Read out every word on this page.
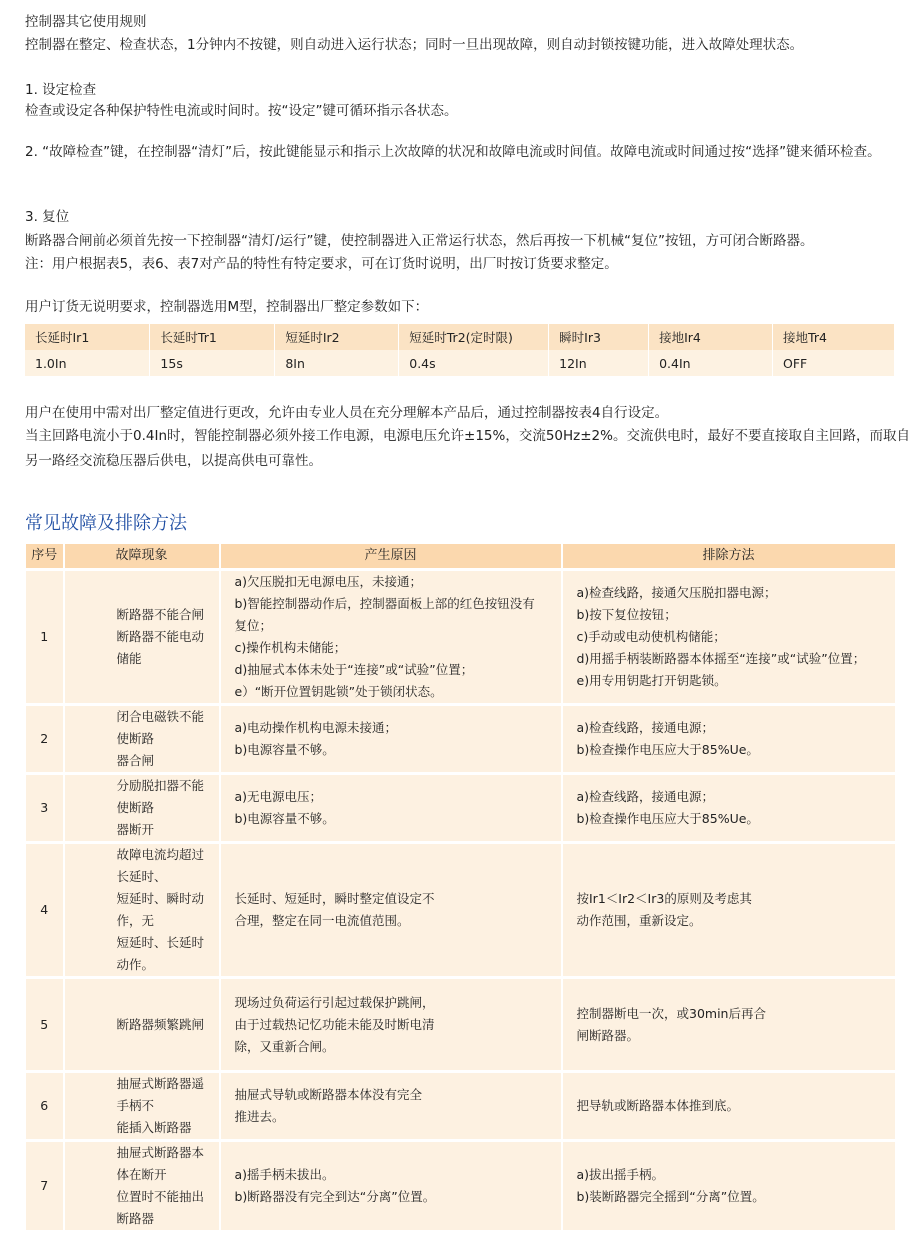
控制器其它使用规则
控制器在整定、检查状态，1分钟内不按键，则自动进入运行状态；同时一旦出现故障，则自动封锁按键功能，进入故障处理状态。
1. 设定检查
检查或设定各种保护特性电流或时间时。按“设定”键可循环指示各状态。
2. “故障检查”键，在控制器“清灯”后，按此键能显示和指示上次故障的状况和故障电流或时间值。故障电流或时间通过按“选择”键来循环检查。
3. 复位
断路器合闸前必须首先按一下控制器“清灯/运行”键，使控制器进入正常运行状态，然后再按一下机械“复位”按钮，方可闭合断路器。
注：用户根据表5，表6、表7对产品的特性有特定要求，可在订货时说明，出厂时按订货要求整定。
用户订货无说明要求，控制器选用M型，控制器出厂整定参数如下：
长延时Ir1	长延时Tr1	短延时Ir2	短延时Tr2(定时限)	瞬时Ir3	接地Ir4	接地Tr4
1.0In	15s	8In	0.4s	12In	0.4In	OFF
用户在使用中需对出厂整定值进行更改，允许由专业人员在充分理解本产品后，通过控制器按表4自行设定。
当主回路电流小于0.4In时，智能控制器必须外接工作电源，电源电压允许±15%，交流50Hz±2%。交流供电时，最好不要直接取自主回路，而取自另一路经交流稳压器后供电，以提高供电可靠性。
常见故障及排除方法
序号	故障现象	产生原因	排除方法
1	断路器不能合闸
断路器不能电动储能	a)欠压脱扣无电源电压，未接通；
b)智能控制器动作后，控制器面板上部的红色按钮没有复位；
c)操作机构未储能；
d)抽屉式本体未处于“连接”或“试验”位置；
e）“断开位置钥匙锁”处于锁闭状态。	a)检查线路，接通欠压脱扣器电源；
b)按下复位按钮；
c)手动或电动使机构储能；
d)用摇手柄装断路器本体摇至“连接”或“试验”位置；
e)用专用钥匙打开钥匙锁。

2	闭合电磁铁不能使断路
器合闸	a)电动操作机构电源未接通；
b)电源容量不够。	a)检查线路，接通电源；
b)检查操作电压应大于85%Ue。

3	分励脱扣器不能使断路
器断开	a)无电源电压；
b)电源容量不够。	a)检查线路，接通电源；
b)检查操作电压应大于85%Ue。

4	故障电流均超过长延时、
短延时、瞬时动作，无
短延时、长延时动作。	长延时、短延时，瞬时整定值设定不
合理，整定在同一电流值范围。	按Ir1＜Ir2＜Ir3的原则及考虑其
动作范围，重新设定。

5	断路器频繁跳闸	现场过负荷运行引起过载保护跳闸，
由于过载热记忆功能未能及时断电清
除，又重新合闸。	控制器断电一次，或30min后再合
闸断路器。

6	抽屉式断路器遥手柄不
能插入断路器	抽屉式导轨或断路器本体没有完全
推进去。	把导轨或断路器本体推到底。

7	抽屉式断路器本体在断开
位置时不能抽出断路器	a)摇手柄未拔出。
b)断路器没有完全到达“分离”位置。	a)拔出摇手柄。
b)装断路器完全摇到“分离”位置。
